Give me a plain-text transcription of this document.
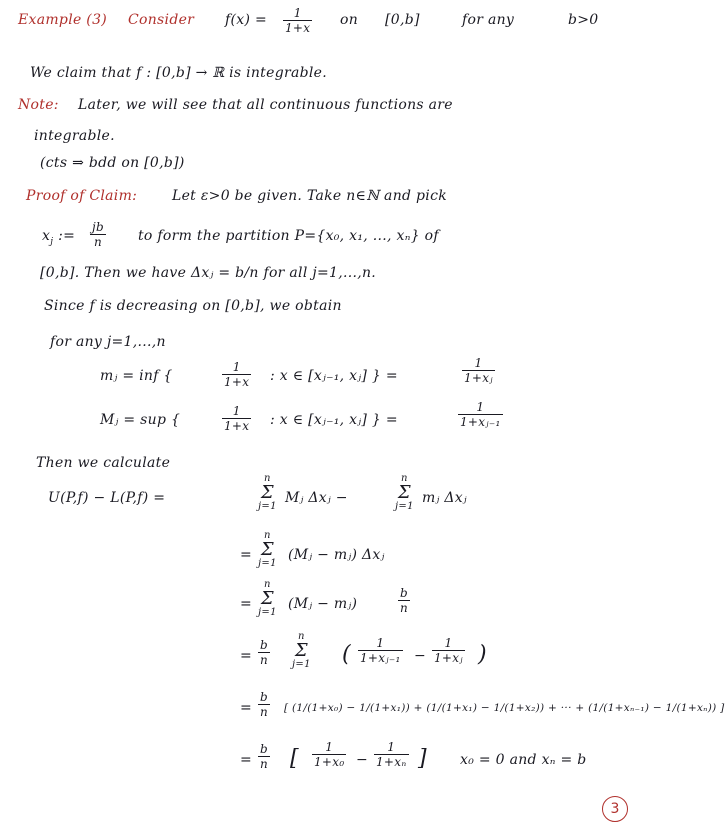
Example (3) Consider $f(x) = \frac{1}{1+x}$ on [0,b]	for any	b>0
We claim that f : [0,b] → ℝ is integrable.
Note: Later, we will see that all continuous functions are
integrable.
(cts ⇒ bdd on [0,b])
Proof of Claim: Let ε>0 be given. Take n∈ℕ and pick
$x_j$ := $\frac{jb}{n}$ to form the partition P={x₀, x₁, ..., xₙ} of
[0,b]. Then we have Δxⱼ = b/n for all j=1,...,n.
Since f is decreasing on [0,b], we obtain
for any j=1,...,n
mⱼ = inf {	$\frac{1}{1+x}$ : x ∈ [xⱼ₋₁, xⱼ] } =	$\frac{1}{\text{1+xⱼ}}$
Mⱼ = sup {	$\frac{1}{1+x}$ : x ∈ [xⱼ₋₁, xⱼ] } =	$\frac{1}{\text{1+xⱼ₋₁}}$
Then we calculate
U(P,f) − L(P,f) =
n
Σ
j=1
Mⱼ Δxⱼ −
n
Σ
j=1
mⱼ Δxⱼ
=
n
Σ
j=1
(Mⱼ − mⱼ) Δxⱼ
=
n
Σ
j=1
(Mⱼ − mⱼ)	$\frac{b}{n}$
= $\frac{b}{n}$
n
Σ
j=1 ( $\frac{1}{\text{1+xⱼ₋₁}} - \frac{1}{\text{1+xⱼ}}$ )
= $\frac{b}{n}$ [ (1/(1+x₀) − 1/(1+x₁)) + (1/(1+x₁) − 1/(1+x₂)) + ··· + (1/(1+xₙ₋₁) − 1/(1+xₙ)) ]
= $\frac{b}{n}$ [ $\frac{1}{\text{1+x₀}} - \frac{1}{\text{1+xₙ}}$ ] x₀ = 0 and xₙ = b
3
